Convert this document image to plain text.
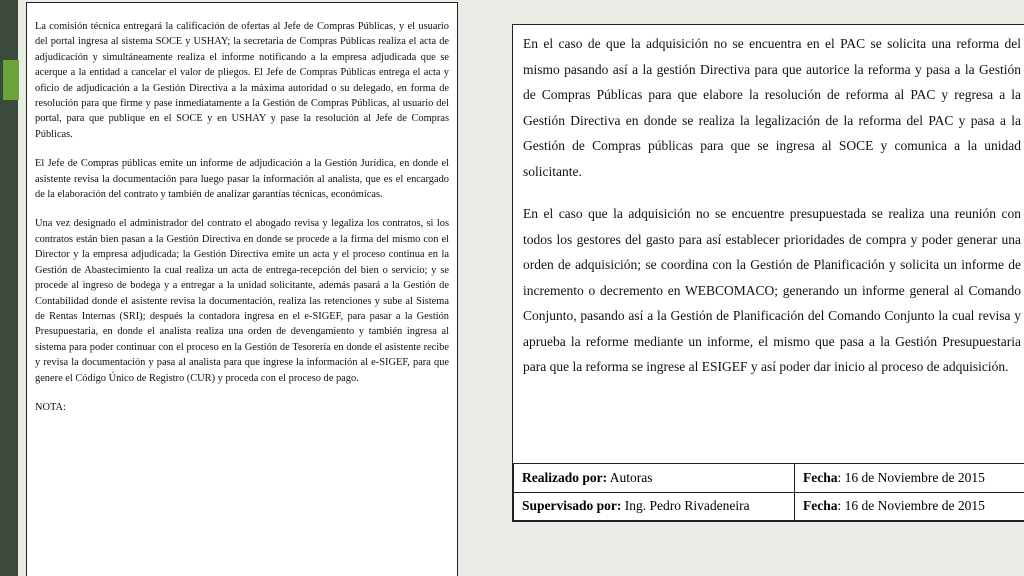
La comisión técnica entregará la calificación de ofertas al Jefe de Compras Públicas, y el usuario del portal ingresa al sistema SOCE y USHAY; la secretaria de Compras Públicas realiza el acta de adjudicación y simultáneamente realiza el informe notificando a la empresa adjudicada que se acerque a la entidad a cancelar el valor de pliegos. El Jefe de Compras Públicas entrega el acta y oficio de adjudicación a la Gestión Directiva a la máxima autoridad o su delegado, en forma de resolución para que firme y pase inmediatamente a la Gestión de Compras Públicas, al usuario del portal, para que publique en el SOCE y en USHAY y pase la resolución al Jefe de Compras Públicas.

El Jefe de Compras públicas emite un informe de adjudicación a la Gestión Jurídica, en donde el asistente revisa la documentación para luego pasar la información al analista, que es el encargado de la elaboración del contrato y también de analizar garantías técnicas, económicas.

Una vez designado el administrador del contrato el abogado revisa y legaliza los contratos, si los contratos están bien pasan a la Gestión Directiva en donde se procede a la firma del mismo con el Director y la empresa adjudicada; la Gestión Directiva emite un acta y el proceso continua en la Gestión de Abastecimiento la cual realiza un acta de entrega-recepción del bien o servicio; y se procede al ingreso de bodega y a entregar a la unidad solicitante, además pasará a la Gestión de Contabilidad donde el asistente revisa la documentación, realiza las retenciones y sube al Sistema de Rentas Internas (SRI); después la contadora ingresa en el e-SIGEF, para pasar a la Gestión Presupuestaria, en donde el analista realiza una orden de devengamiento y también ingresa al sistema para poder continuar con el proceso en la Gestión de Tesorería en donde el asistente recibe y revisa la documentación y pasa al analista para que ingrese la información al e-SIGEF, para que genere el Código Único de Registro (CUR) y proceda con el proceso de pago.

NOTA:

En el caso de que la adquisición no se encuentra en el PAC se solicita una reforma del mismo pasando así a la gestión Directiva para que autorice la reforma y pasa a la Gestión de Compras Públicas para que elabore la resolución de reforma al PAC y regresa a la Gestión Directiva en donde se realiza la legalización de la reforma del PAC y pasa a la Gestión de Compras públicas para que se ingresa al SOCE y comunica a la unidad solicitante.

En el caso que la adquisición no se encuentre presupuestada se realiza una reunión con todos los gestores del gasto para así establecer prioridades de compra y poder generar una orden de adquisición; se coordina con la Gestión de Planificación y solicita un informe de incremento o decremento en WEBCOMACO; generando un informe general al Comando Conjunto, pasando así a la Gestión de Planificación del Comando Conjunto la cual revisa y aprueba la reforme mediante un informe, el mismo que pasa a la Gestión Presupuestaria para que la reforma se ingrese al ESIGEF y así poder dar inicio al proceso de adquisición.

Realizado por: Autoras	Fecha: 16 de Noviembre de 2015
Supervisado por: Ing. Pedro Rivadeneira	Fecha: 16 de Noviembre de 2015
